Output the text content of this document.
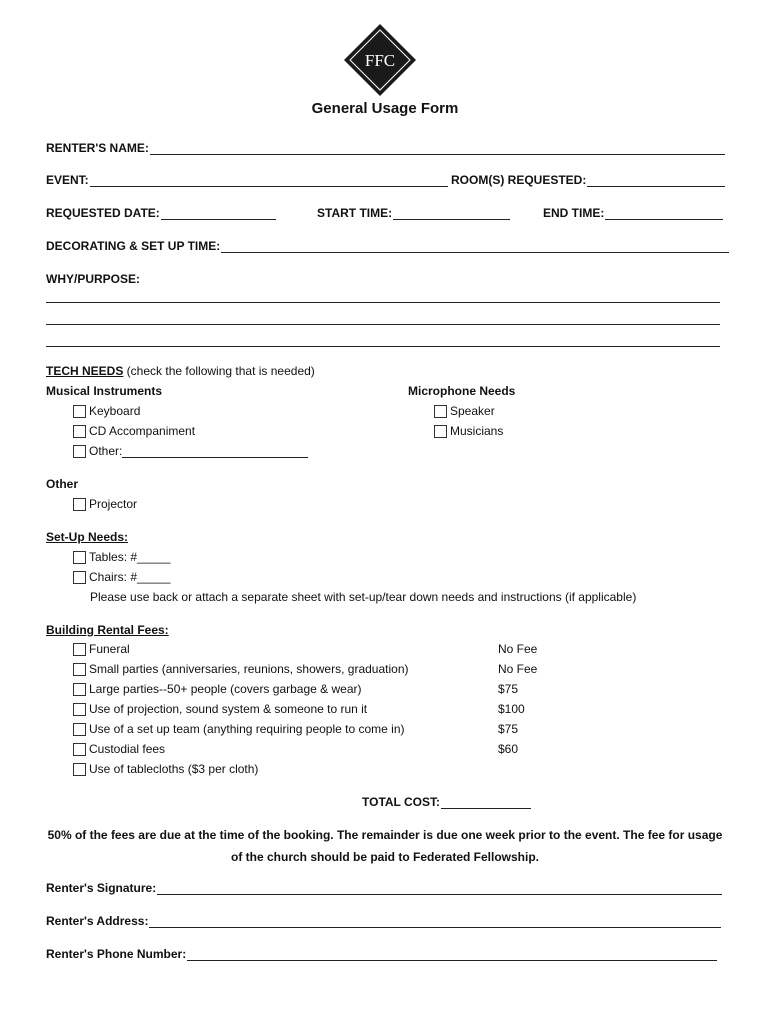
FFC
General Usage Form
RENTER'S NAME:
EVENT:	ROOM(S) REQUESTED:
REQUESTED DATE:	START TIME:	END TIME:
DECORATING & SET UP TIME:
WHY/PURPOSE:
TECH NEEDS (check the following that is needed)
Musical Instruments	Microphone Needs
Keyboard
CD Accompaniment
Other:
Speaker
Musicians
Other
Projector
Set-Up Needs:
Tables: #_____
Chairs: #_____
Please use back or attach a separate sheet with set-up/tear down needs and instructions (if applicable)
Building Rental Fees:
Funeral	No Fee
Small parties (anniversaries, reunions, showers, graduation)	No Fee
Large parties--50+ people (covers garbage & wear)	$75
Use of projection, sound system & someone to run it	$100
Use of a set up team (anything requiring people to come in)	$75
Custodial fees	$60
Use of tablecloths ($3 per cloth)
TOTAL COST:
50% of the fees are due at the time of the booking. The remainder is due one week prior to the event. The fee for usage of the church should be paid to Federated Fellowship.
Renter's Signature:
Renter's Address:
Renter's Phone Number:
